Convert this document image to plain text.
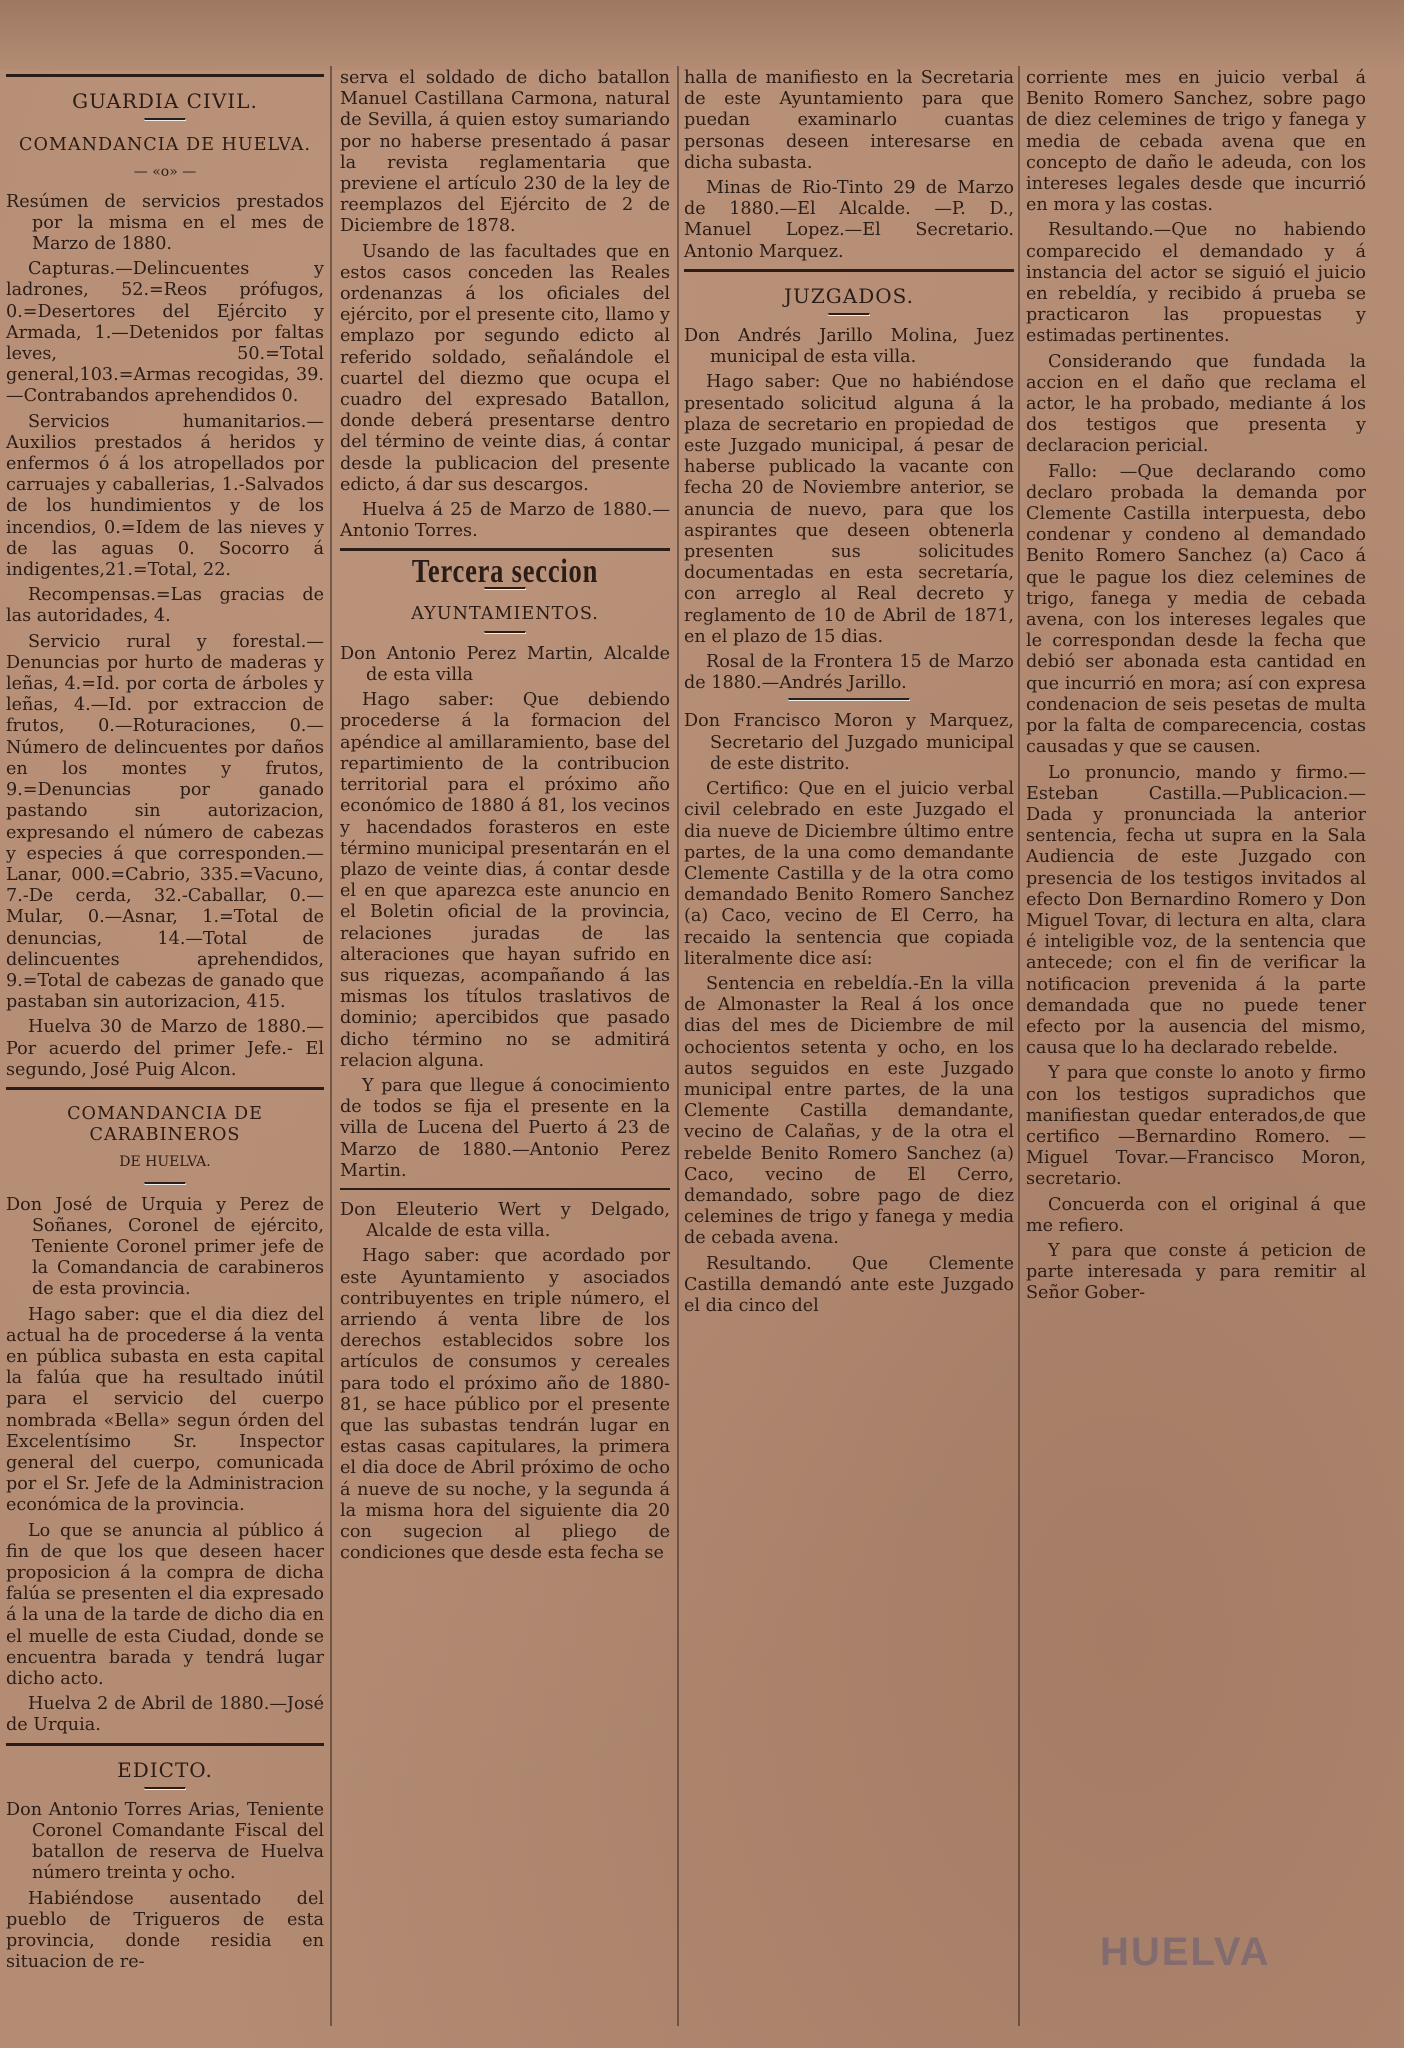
GUARDIA CIVIL.
COMANDANCIA DE HUELVA.
— «o» —

Resúmen de servicios prestados por la misma en el mes de Marzo de 1880.

Capturas.—Delincuentes y ladrones, 52.=Reos prófugos, 0.=Desertores del Ejército y Armada, 1.—Detenidos por faltas leves, 50.=Total general,103.=Armas recogidas, 39.—Contrabandos aprehendidos 0.

Servicios humanitarios.—Auxilios prestados á heridos y enfermos ó á los atropellados por carruajes y caballerias, 1.-Salvados de los hundimientos y de los incendios, 0.=Idem de las nieves y de las aguas 0. Socorro á indigentes,21.=Total, 22.

Recompensas.=Las gracias de las autoridades, 4.

Servicio rural y forestal.—Denuncias por hurto de maderas y leñas, 4.=Id. por corta de árboles y leñas, 4.—Id. por extraccion de frutos, 0.—Roturaciones, 0.—Número de delincuentes por daños en los montes y frutos, 9.=Denuncias por ganado pastando sin autorizacion, expresando el número de cabezas y especies á que corresponden.—Lanar, 000.=Cabrio, 335.=Vacuno, 7.-De cerda, 32.-Caballar, 0.—Mular, 0.—Asnar, 1.=Total de denuncias, 14.—Total de delincuentes aprehendidos, 9.=Total de cabezas de ganado que pastaban sin autorizacion, 415.

Huelva 30 de Marzo de 1880.—Por acuerdo del primer Jefe.- El segundo, José Puig Alcon.

COMANDANCIA DE CARABINEROS
DE HUELVA.

Don José de Urquia y Perez de Soñanes, Coronel de ejército, Teniente Coronel primer jefe de la Comandancia de carabineros de esta provincia.

Hago saber: que el dia diez del actual ha de procederse á la venta en pública subasta en esta capital la falúa que ha resultado inútil para el servicio del cuerpo nombrada «Bella» segun órden del Excelentísimo Sr. Inspector general del cuerpo, comunicada por el Sr. Jefe de la Administracion económica de la provincia.

Lo que se anuncia al público á fin de que los que deseen hacer proposicion á la compra de dicha falúa se presenten el dia expresado á la una de la tarde de dicho dia en el muelle de esta Ciudad, donde se encuentra barada y tendrá lugar dicho acto.

Huelva 2 de Abril de 1880.—José de Urquia.

EDICTO.

Don Antonio Torres Arias, Teniente Coronel Comandante Fiscal del batallon de reserva de Huelva número treinta y ocho.

Habiéndose ausentado del pueblo de Trigueros de esta provincia, donde residia en situacion de re-

serva el soldado de dicho batallon Manuel Castillana Carmona, natural de Sevilla, á quien estoy sumariando por no haberse presentado á pasar la revista reglamentaria que previene el artículo 230 de la ley de reemplazos del Ejército de 2 de Diciembre de 1878.

Usando de las facultades que en estos casos conceden las Reales ordenanzas á los oficiales del ejército, por el presente cito, llamo y emplazo por segundo edicto al referido soldado, señalándole el cuartel del diezmo que ocupa el cuadro del expresado Batallon, donde deberá presentarse dentro del término de veinte dias, á contar desde la publicacion del presente edicto, á dar sus descargos.

Huelva á 25 de Marzo de 1880.—Antonio Torres.

Tercera seccion
AYUNTAMIENTOS.

Don Antonio Perez Martin, Alcalde de esta villa

Hago saber: Que debiendo procederse á la formacion del apéndice al amillaramiento, base del repartimiento de la contribucion territorial para el próximo año económico de 1880 á 81, los vecinos y hacendados forasteros en este término municipal presentarán en el plazo de veinte dias, á contar desde el en que aparezca este anuncio en el Boletin oficial de la provincia, relaciones juradas de las alteraciones que hayan sufrido en sus riquezas, acompañando á las mismas los títulos traslativos de dominio; apercibidos que pasado dicho término no se admitirá relacion alguna.

Y para que llegue á conocimiento de todos se fija el presente en la villa de Lucena del Puerto á 23 de Marzo de 1880.—Antonio Perez Martin.

Don Eleuterio Wert y Delgado, Alcalde de esta villa.

Hago saber: que acordado por este Ayuntamiento y asociados contribuyentes en triple número, el arriendo á venta libre de los derechos establecidos sobre los artículos de consumos y cereales para todo el próximo año de 1880-81, se hace público por el presente que las subastas tendrán lugar en estas casas capitulares, la primera el dia doce de Abril próximo de ocho á nueve de su noche, y la segunda á la misma hora del siguiente dia 20 con sugecion al pliego de condiciones que desde esta fecha se

halla de manifiesto en la Secretaria de este Ayuntamiento para que puedan examinarlo cuantas personas deseen interesarse en dicha subasta.

Minas de Rio-Tinto 29 de Marzo de 1880.—El Alcalde. —P. D., Manuel Lopez.—El Secretario. Antonio Marquez.

JUZGADOS.

Don Andrés Jarillo Molina, Juez municipal de esta villa.

Hago saber: Que no habiéndose presentado solicitud alguna á la plaza de secretario en propiedad de este Juzgado municipal, á pesar de haberse publicado la vacante con fecha 20 de Noviembre anterior, se anuncia de nuevo, para que los aspirantes que deseen obtenerla presenten sus solicitudes documentadas en esta secretaría, con arreglo al Real decreto y reglamento de 10 de Abril de 1871, en el plazo de 15 dias.

Rosal de la Frontera 15 de Marzo de 1880.—Andrés Jarillo.

Don Francisco Moron y Marquez, Secretario del Juzgado municipal de este distrito.

Certifico: Que en el juicio verbal civil celebrado en este Juzgado el dia nueve de Diciembre último entre partes, de la una como demandante Clemente Castilla y de la otra como demandado Benito Romero Sanchez (a) Caco, vecino de El Cerro, ha recaido la sentencia que copiada literalmente dice así:

Sentencia en rebeldía.-En la villa de Almonaster la Real á los once dias del mes de Diciembre de mil ochocientos setenta y ocho, en los autos seguidos en este Juzgado municipal entre partes, de la una Clemente Castilla demandante, vecino de Calañas, y de la otra el rebelde Benito Romero Sanchez (a) Caco, vecino de El Cerro, demandado, sobre pago de diez celemines de trigo y fanega y media de cebada avena.

Resultando. Que Clemente Castilla demandó ante este Juzgado el dia cinco del

corriente mes en juicio verbal á Benito Romero Sanchez, sobre pago de diez celemines de trigo y fanega y media de cebada avena que en concepto de daño le adeuda, con los intereses legales desde que incurrió en mora y las costas.

Resultando.—Que no habiendo comparecido el demandado y á instancia del actor se siguió el juicio en rebeldía, y recibido á prueba se practicaron las propuestas y estimadas pertinentes.

Considerando que fundada la accion en el daño que reclama el actor, le ha probado, mediante á los dos testigos que presenta y declaracion pericial.

Fallo: —Que declarando como declaro probada la demanda por Clemente Castilla interpuesta, debo condenar y condeno al demandado Benito Romero Sanchez (a) Caco á que le pague los diez celemines de trigo, fanega y media de cebada avena, con los intereses legales que le correspondan desde la fecha que debió ser abonada esta cantidad en que incurrió en mora; así con expresa condenacion de seis pesetas de multa por la falta de comparecencia, costas causadas y que se causen.

Lo pronuncio, mando y firmo.—Esteban Castilla.—Publicacion.—Dada y pronunciada la anterior sentencia, fecha ut supra en la Sala Audiencia de este Juzgado con presencia de los testigos invitados al efecto Don Bernardino Romero y Don Miguel Tovar, di lectura en alta, clara é inteligible voz, de la sentencia que antecede; con el fin de verificar la notificacion prevenida á la parte demandada que no puede tener efecto por la ausencia del mismo, causa que lo ha declarado rebelde.

Y para que conste lo anoto y firmo con los testigos supradichos que manifiestan quedar enterados,de que certifico —Bernardino Romero. —Miguel Tovar.—Francisco Moron, secretario.

Concuerda con el original á que me refiero.

Y para que conste á peticion de parte interesada y para remitir al Señor Gober-

HUELVA
